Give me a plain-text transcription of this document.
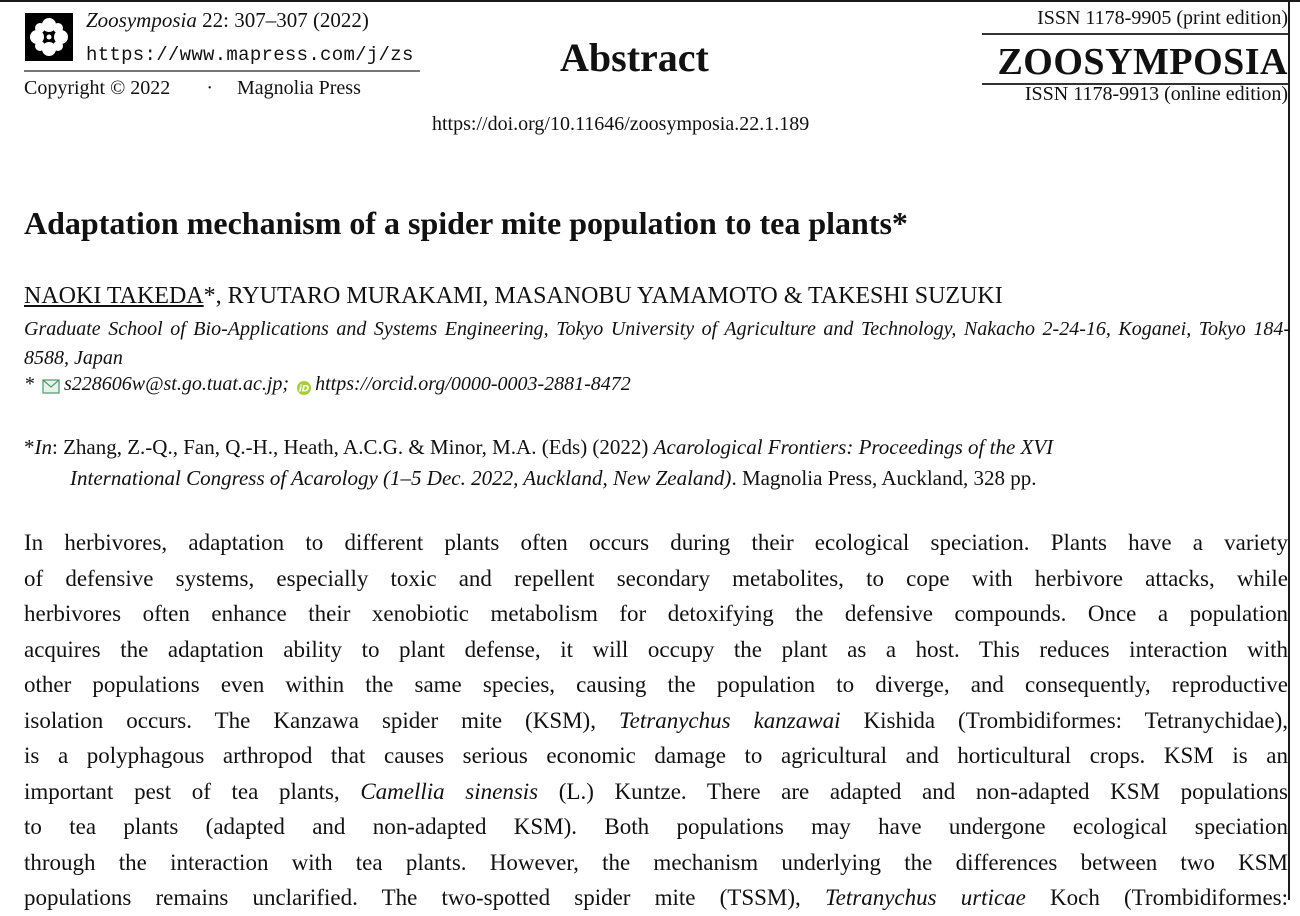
Zoosymposia 22: 307–307 (2022)
https://www.mapress.com/j/zs
Copyright © 2022 · Magnolia Press
Abstract
ISSN 1178-9905 (print edition)
ZOOSYMPOSIA
ISSN 1178-9913 (online edition)
https://doi.org/10.11646/zoosymposia.22.1.189
Adaptation mechanism of a spider mite population to tea plants*
NAOKI TAKEDA*, RYUTARO MURAKAMI, MASANOBU YAMAMOTO & TAKESHI SUZUKI
Graduate School of Bio-Applications and Systems Engineering, Tokyo University of Agriculture and Technology, Nakacho 2-24-16, Koganei, Tokyo 184-8588, Japan
* s228606w@st.go.tuat.ac.jp; iD https://orcid.org/0000-0003-2881-8472
*In: Zhang, Z.-Q., Fan, Q.-H., Heath, A.C.G. & Minor, M.A. (Eds) (2022) Acarological Frontiers: Proceedings of the XVI
International Congress of Acarology (1–5 Dec. 2022, Auckland, New Zealand). Magnolia Press, Auckland, 328 pp.
In herbivores, adaptation to different plants often occurs during their ecological speciation. Plants have a variety
of defensive systems, especially toxic and repellent secondary metabolites, to cope with herbivore attacks, while
herbivores often enhance their xenobiotic metabolism for detoxifying the defensive compounds. Once a population
acquires the adaptation ability to plant defense, it will occupy the plant as a host. This reduces interaction with
other populations even within the same species, causing the population to diverge, and consequently, reproductive
isolation occurs. The Kanzawa spider mite (KSM), Tetranychus kanzawai Kishida (Trombidiformes: Tetranychidae),
is a polyphagous arthropod that causes serious economic damage to agricultural and horticultural crops. KSM is an
important pest of tea plants, Camellia sinensis (L.) Kuntze. There are adapted and non-adapted KSM populations
to tea plants (adapted and non-adapted KSM). Both populations may have undergone ecological speciation
through the interaction with tea plants. However, the mechanism underlying the differences between two KSM
populations remains unclarified. The two-spotted spider mite (TSSM), Tetranychus urticae Koch (Trombidiformes:
